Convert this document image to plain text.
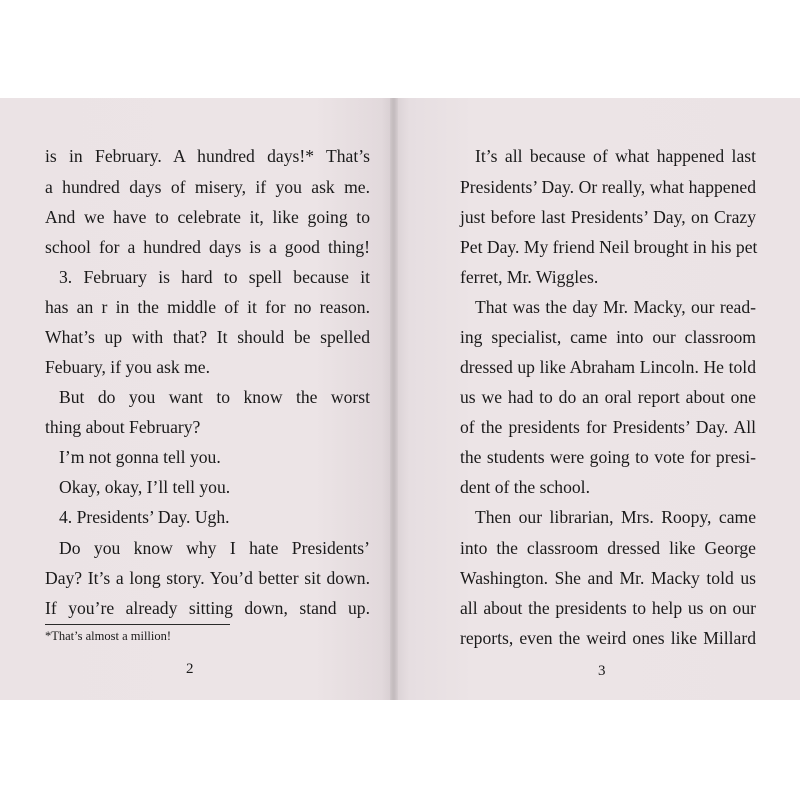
is in February. A hundred days!* That’s
a hundred days of misery, if you ask me.
And we have to celebrate it, like going to
school for a hundred days is a good thing!
3. February is hard to spell because it
has an r in the middle of it for no reason.
What’s up with that? It should be spelled
Febuary, if you ask me.
But do you want to know the worst
thing about February?
I’m not gonna tell you.
Okay, okay, I’ll tell you.
4. Presidents’ Day. Ugh.
Do you know why I hate Presidents’
Day? It’s a long story. You’d better sit down.
If you’re already sitting down, stand up.
*That’s almost a million!
2
It’s all because of what happened last
Presidents’ Day. Or really, what happened
just before last Presidents’ Day, on Crazy
Pet Day. My friend Neil brought in his pet
ferret, Mr. Wiggles.
That was the day Mr. Macky, our read-
ing specialist, came into our classroom
dressed up like Abraham Lincoln. He told
us we had to do an oral report about one
of the presidents for Presidents’ Day. All
the students were going to vote for presi-
dent of the school.
Then our librarian, Mrs. Roopy, came
into the classroom dressed like George
Washington. She and Mr. Macky told us
all about the presidents to help us on our
reports, even the weird ones like Millard
3
